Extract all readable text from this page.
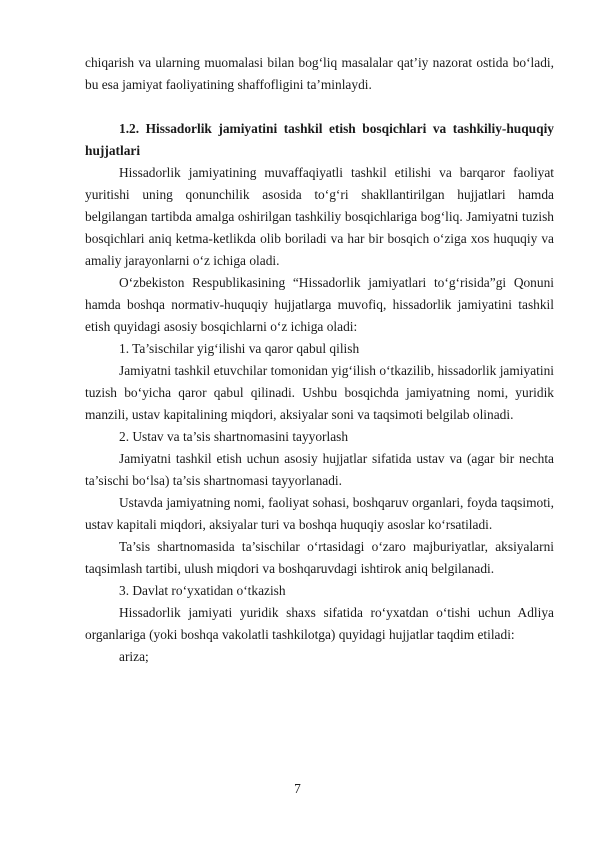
chiqarish va ularning muomalasi bilan bog‘liq masalalar qat’iy nazorat ostida bo‘ladi, bu esa jamiyat faoliyatining shaffofligini ta’minlaydi.

1.2. Hissadorlik jamiyatini tashkil etish bosqichlari va tashkiliy-huquqiy hujjatlari

Hissadorlik jamiyatining muvaffaqiyatli tashkil etilishi va barqaror faoliyat yuritishi uning qonunchilik asosida to‘g‘ri shakllantirilgan hujjatlari hamda belgilangan tartibda amalga oshirilgan tashkiliy bosqichlariga bog‘liq. Jamiyatni tuzish bosqichlari aniq ketma-ketlikda olib boriladi va har bir bosqich o‘ziga xos huquqiy va amaliy jarayonlarni o‘z ichiga oladi.

O‘zbekiston Respublikasining “Hissadorlik jamiyatlari to‘g‘risida”gi Qonuni hamda boshqa normativ-huquqiy hujjatlarga muvofiq, hissadorlik jamiyatini tashkil etish quyidagi asosiy bosqichlarni o‘z ichiga oladi:

1. Ta’sischilar yig‘ilishi va qaror qabul qilish

Jamiyatni tashkil etuvchilar tomonidan yig‘ilish o‘tkazilib, hissadorlik jamiyatini tuzish bo‘yicha qaror qabul qilinadi. Ushbu bosqichda jamiyatning nomi, yuridik manzili, ustav kapitalining miqdori, aksiyalar soni va taqsimoti belgilab olinadi.

2. Ustav va ta’sis shartnomasini tayyorlash

Jamiyatni tashkil etish uchun asosiy hujjatlar sifatida ustav va (agar bir nechta ta’sischi bo‘lsa) ta’sis shartnomasi tayyorlanadi.

Ustavda jamiyatning nomi, faoliyat sohasi, boshqaruv organlari, foyda taqsimoti, ustav kapitali miqdori, aksiyalar turi va boshqa huquqiy asoslar ko‘rsatiladi.

Ta’sis shartnomasida ta’sischilar o‘rtasidagi o‘zaro majburiyatlar, aksiyalarni taqsimlash tartibi, ulush miqdori va boshqaruvdagi ishtirok aniq belgilanadi.

3. Davlat ro‘yxatidan o‘tkazish

Hissadorlik jamiyati yuridik shaxs sifatida ro‘yxatdan o‘tishi uchun Adliya organlariga (yoki boshqa vakolatli tashkilotga) quyidagi hujjatlar taqdim etiladi:

ariza;

7
